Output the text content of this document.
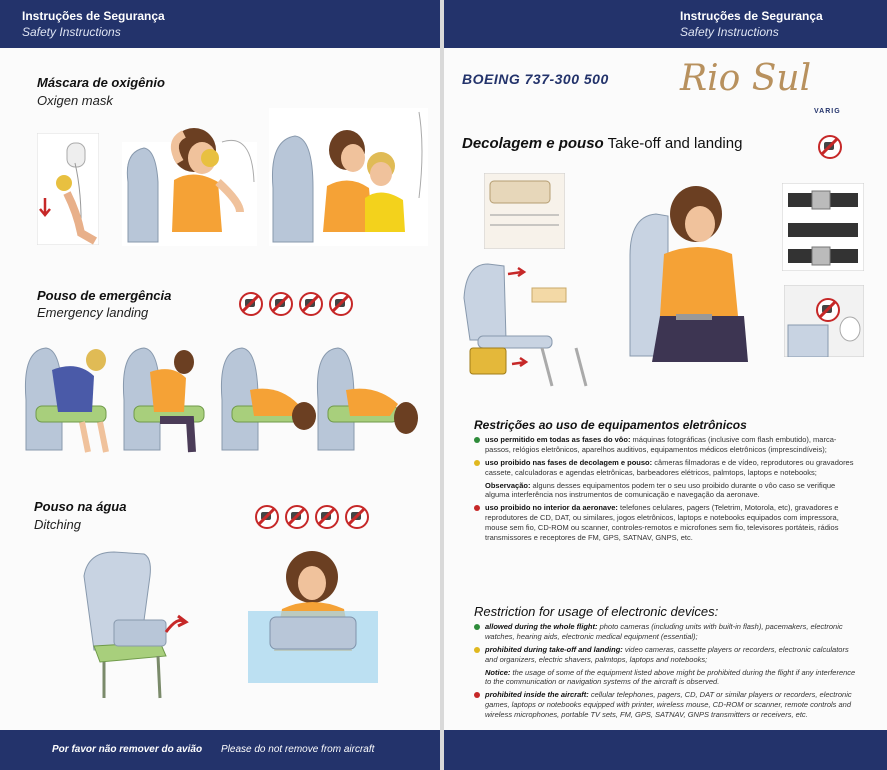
Instruções de Segurança
Safety Instructions
Máscara de oxigênio
Oxigen mask
Pouso de emergência
Emergency landing
Pouso na água
Ditching
Por favor não remover do avião Please do not remove from aircraft
Instruções de Segurança
Safety Instructions
BOEING 737-300 500 Rio Sul
VARIG
Decolagem e pouso Take-off and landing
Restrições ao uso de equipamentos eletrônicos
uso permitido em todas as fases do vôo: máquinas fotográficas (inclusive com flash embutido), marca-passos, relógios eletrônicos, aparelhos auditivos, equipamentos médicos eletrônicos (imprescindíveis);
uso proibido nas fases de decolagem e pouso: câmeras filmadoras e de vídeo, reprodutores ou gravadores cassete, calculadoras e agendas eletrônicas, barbeadores elétricos, palmtops, laptops e notebooks;
Observação: alguns desses equipamentos podem ter o seu uso proibido durante o vôo caso se verifique alguma interferência nos instrumentos de comunicação e navegação da aeronave.
uso proibido no interior da aeronave: telefones celulares, pagers (Teletrim, Motorola, etc), gravadores e reprodutores de CD, DAT, ou similares, jogos eletrônicos, laptops e notebooks equipados com impressora, mouse sem fio, CD-ROM ou scanner, controles-remotos e microfones sem fio, televisores portáteis, rádios transmissores e receptores de FM, GPS, SATNAV, GNPS, etc.
Restriction for usage of electronic devices:
allowed during the whole flight: photo cameras (including units with built-in flash), pacemakers, electronic watches, hearing aids, electronic medical equipment (essential);
prohibited during take-off and landing: video cameras, cassette players or recorders, electronic calculators and organizers, electric shavers, palmtops, laptops and notebooks;
Notice: the usage of some of the equipment listed above might be prohibited during the flight if any interference to the communication or navigation systems of the aircraft is observed.
prohibited inside the aircraft: cellular telephones, pagers, CD, DAT or similar players or recorders, electronic games, laptops or notebooks equipped with printer, wireless mouse, CD-ROM or scanner, remote controls and wireless microphones, portable TV sets, FM, GPS, SATNAV, GNPS transmitters or receivers, etc.
